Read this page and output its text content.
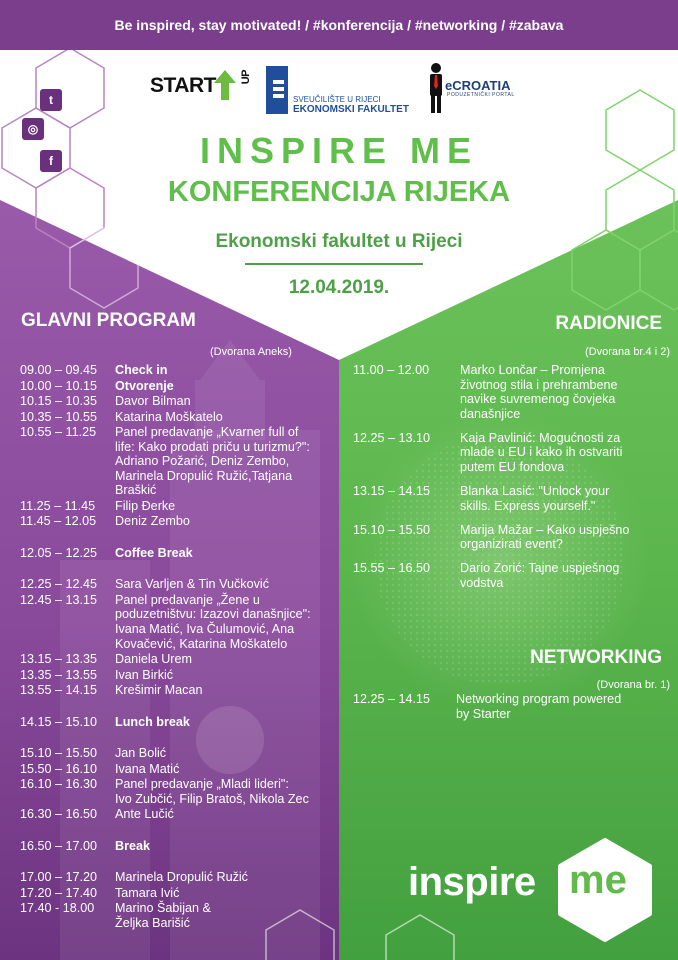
Be inspired, stay motivated!
/
#konferencija
/
#networking
/
#zabava
t
◎
f
START UP
SVEUČILIŠTE U RIJECI
EKONOMSKI FAKULTET
eCROATIA
PODUZETNIČKI PORTAL
INSPIRE ME
KONFERENCIJA RIJEKA
Ekonomski fakultet u Rijeci
12.04.2019.
GLAVNI PROGRAM
(Dvorana Aneks)
09.00 – 09.45 Check in
10.00 – 10.15 Otvorenje
10.15 – 10.35 Davor Bilman
10.35 – 10.55 Katarina Moškatelo
10.55 – 11.25 Panel predavanje „Kvarner full of
life: Kako prodati priču u turizmu?":
Adriano Požarić, Deniz Zembo,
Marinela Dropulić Ružić,Tatjana
Braškić
11.25 – 11.45 Filip Đerke
11.45 – 12.05 Deniz Zembo
12.05 – 12.25 Coffee Break
12.25 – 12.45 Sara Varljen & Tin Vučković
12.45 – 13.15 Panel predavanje „Žene u
poduzetništvu: Izazovi današnjice":
Ivana Matić, Iva Čulumović, Ana
Kovačević, Katarina Moškatelo
13.15 – 13.35 Daniela Urem
13.35 – 13.55 Ivan Birkić
13.55 – 14.15 Krešimir Macan
14.15 – 15.10 Lunch break
15.10 – 15.50 Jan Bolić
15.50 – 16.10 Ivana Matić
16.10 – 16.30 Panel predavanje „Mladi lideri":
Ivo Zubčić, Filip Bratoš, Nikola Zec
16.30 – 16.50 Ante Lučić
16.50 – 17.00 Break
17.00 – 17.20 Marinela Dropulić Ružić
17.20 – 17.40 Tamara Ivić
17.40 - 18.00 Marino Šabijan &
Željka Barišić
RADIONICE
(Dvorana br.4 i 2)
11.00 – 12.00 Marko Lončar – Promjena
životnog stila i prehrambene
navike suvremenog čovjeka
današnjice
12.25 – 13.10 Kaja Pavlinić: Mogućnosti za
mlade u EU i kako ih ostvariti
putem EU fondova
13.15 – 14.15 Blanka Lasić: "Unlock your
skills. Express yourself."
15.10 – 15.50 Marija Mažar – Kako uspješno
organizirati event?
15.55 – 16.50 Dario Zorić: Tajne uspješnog
vodstva
NETWORKING
(Dvorana br. 1)
12.25 – 14.15 Networking program powered
by Starter
inspire me
